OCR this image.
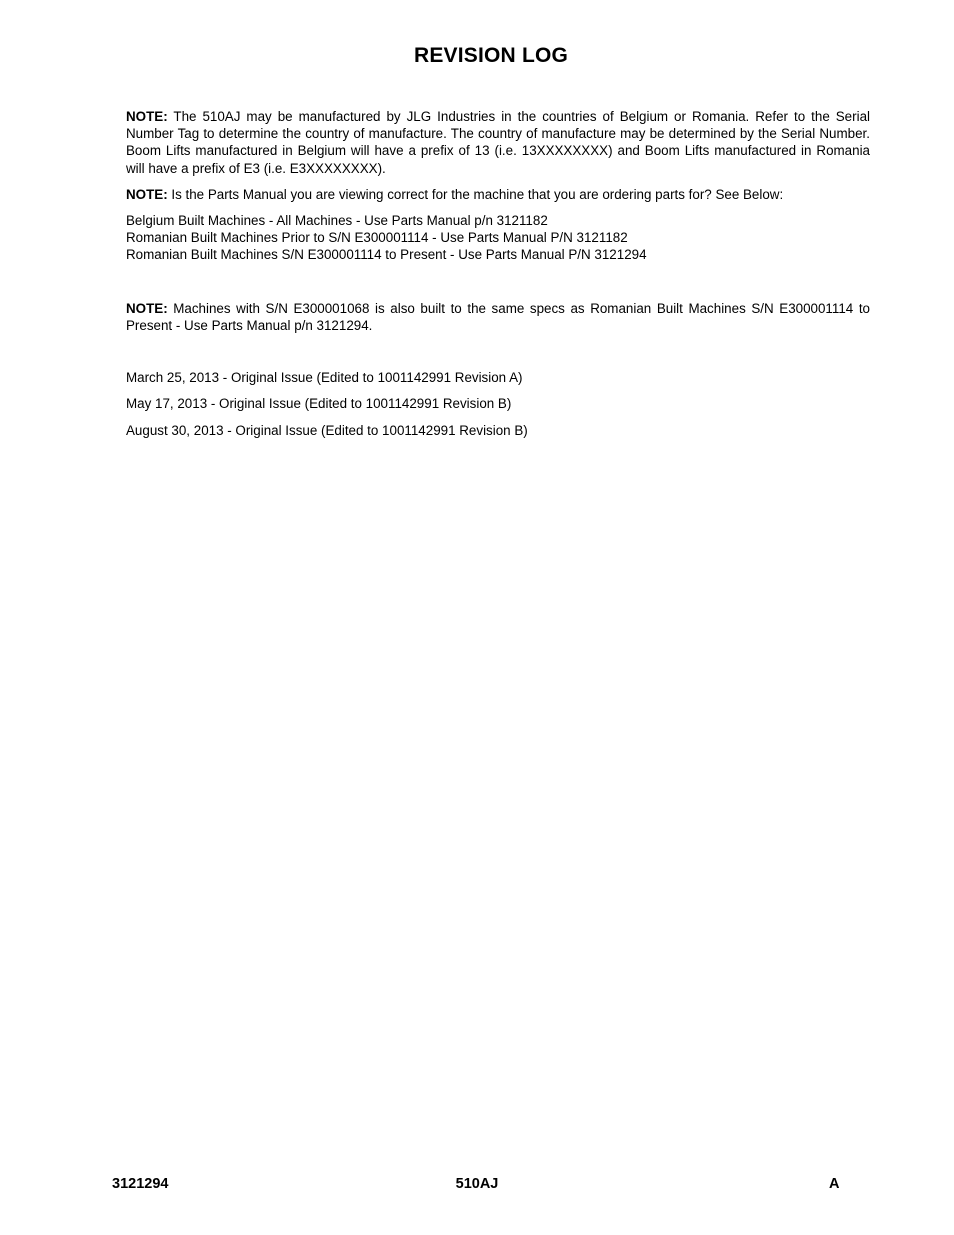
REVISION LOG

NOTE: The 510AJ may be manufactured by JLG Industries in the countries of Belgium or Romania. Refer to the Serial Number Tag to determine the country of manufacture. The country of manufacture may be determined by the Serial Number. Boom Lifts manufactured in Belgium will have a prefix of 13 (i.e. 13XXXXXXXX) and Boom Lifts manufactured in Romania will have a prefix of E3 (i.e. E3XXXXXXXX).

NOTE: Is the Parts Manual you are viewing correct for the machine that you are ordering parts for? See Below:

Belgium Built Machines - All Machines - Use Parts Manual p/n 3121182
Romanian Built Machines Prior to S/N E300001114 - Use Parts Manual P/N 3121182
Romanian Built Machines S/N E300001114 to Present - Use Parts Manual P/N 3121294

NOTE: Machines with S/N E300001068 is also built to the same specs as Romanian Built Machines S/N E300001114 to Present - Use Parts Manual p/n 3121294.

March 25, 2013 - Original Issue (Edited to 1001142991 Revision A)
May 17, 2013 - Original Issue (Edited to 1001142991 Revision B)
August 30, 2013 - Original Issue (Edited to 1001142991 Revision B)
3121294	510AJ	A
